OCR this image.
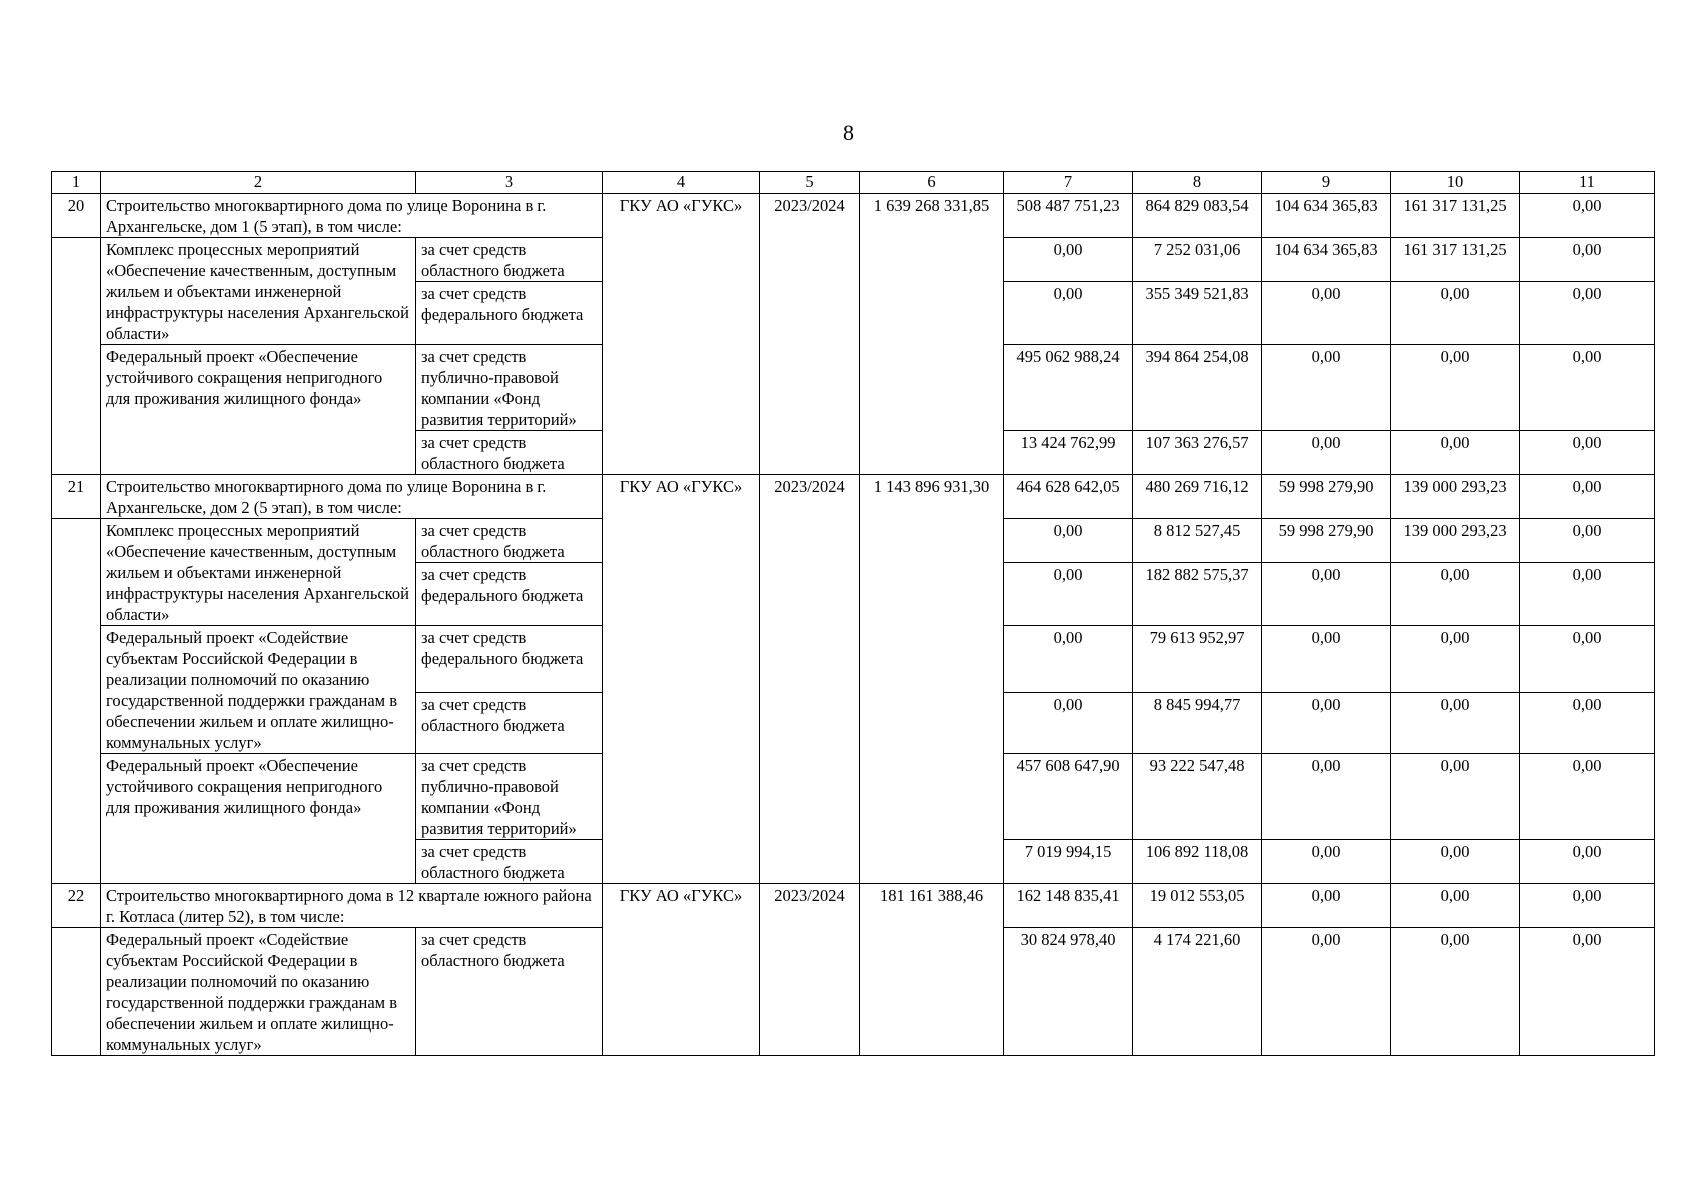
8
1	2	3	4	5	6	7	8	9	10	11
20	Строительство многоквартирного дома по улице Воронина в г. Архангельске, дом 1 (5 этап), в том числе:		ГКУ АО «ГУКС»	2023/2024	1 639 268 331,85	508 487 751,23	864 829 083,54	104 634 365,83	161 317 131,25	0,00
	Комплекс процессных мероприятий «Обеспечение качественным, доступным жильем и объектами инженерной инфраструктуры населения Архангельской области»	за счет средств областного бюджета				0,00	7 252 031,06	104 634 365,83	161 317 131,25	0,00
		за счет средств федерального бюджета				0,00	355 349 521,83	0,00	0,00	0,00
	Федеральный проект «Обеспечение устойчивого сокращения непригодного для проживания жилищного фонда»	за счет средств публично-правовой компании «Фонд развития территорий»				495 062 988,24	394 864 254,08	0,00	0,00	0,00
		за счет средств областного бюджета				13 424 762,99	107 363 276,57	0,00	0,00	0,00
21	Строительство многоквартирного дома по улице Воронина в г. Архангельске, дом 2 (5 этап), в том числе:		ГКУ АО «ГУКС»	2023/2024	1 143 896 931,30	464 628 642,05	480 269 716,12	59 998 279,90	139 000 293,23	0,00
	Комплекс процессных мероприятий «Обеспечение качественным, доступным жильем и объектами инженерной инфраструктуры населения Архангельской области»	за счет средств областного бюджета				0,00	8 812 527,45	59 998 279,90	139 000 293,23	0,00
		за счет средств федерального бюджета				0,00	182 882 575,37	0,00	0,00	0,00
	Федеральный проект «Содействие субъектам Российской Федерации в реализации полномочий по оказанию государственной поддержки гражданам в обеспечении жильем и оплате жилищно-коммунальных услуг»	за счет средств федерального бюджета				0,00	79 613 952,97	0,00	0,00	0,00
		за счет средств областного бюджета				0,00	8 845 994,77	0,00	0,00	0,00
	Федеральный проект «Обеспечение устойчивого сокращения непригодного для проживания жилищного фонда»	за счет средств публично-правовой компании «Фонд развития территорий»				457 608 647,90	93 222 547,48	0,00	0,00	0,00
		за счет средств областного бюджета				7 019 994,15	106 892 118,08	0,00	0,00	0,00
22	Строительство многоквартирного дома в 12 квартале южного района г. Котласа (литер 52), в том числе:		ГКУ АО «ГУКС»	2023/2024	181 161 388,46	162 148 835,41	19 012 553,05	0,00	0,00	0,00
	Федеральный проект «Содействие субъектам Российской Федерации в реализации полномочий по оказанию государственной поддержки гражданам в обеспечении жильем и оплате жилищно-коммунальных услуг»	за счет средств областного бюджета				30 824 978,40	4 174 221,60	0,00	0,00	0,00
